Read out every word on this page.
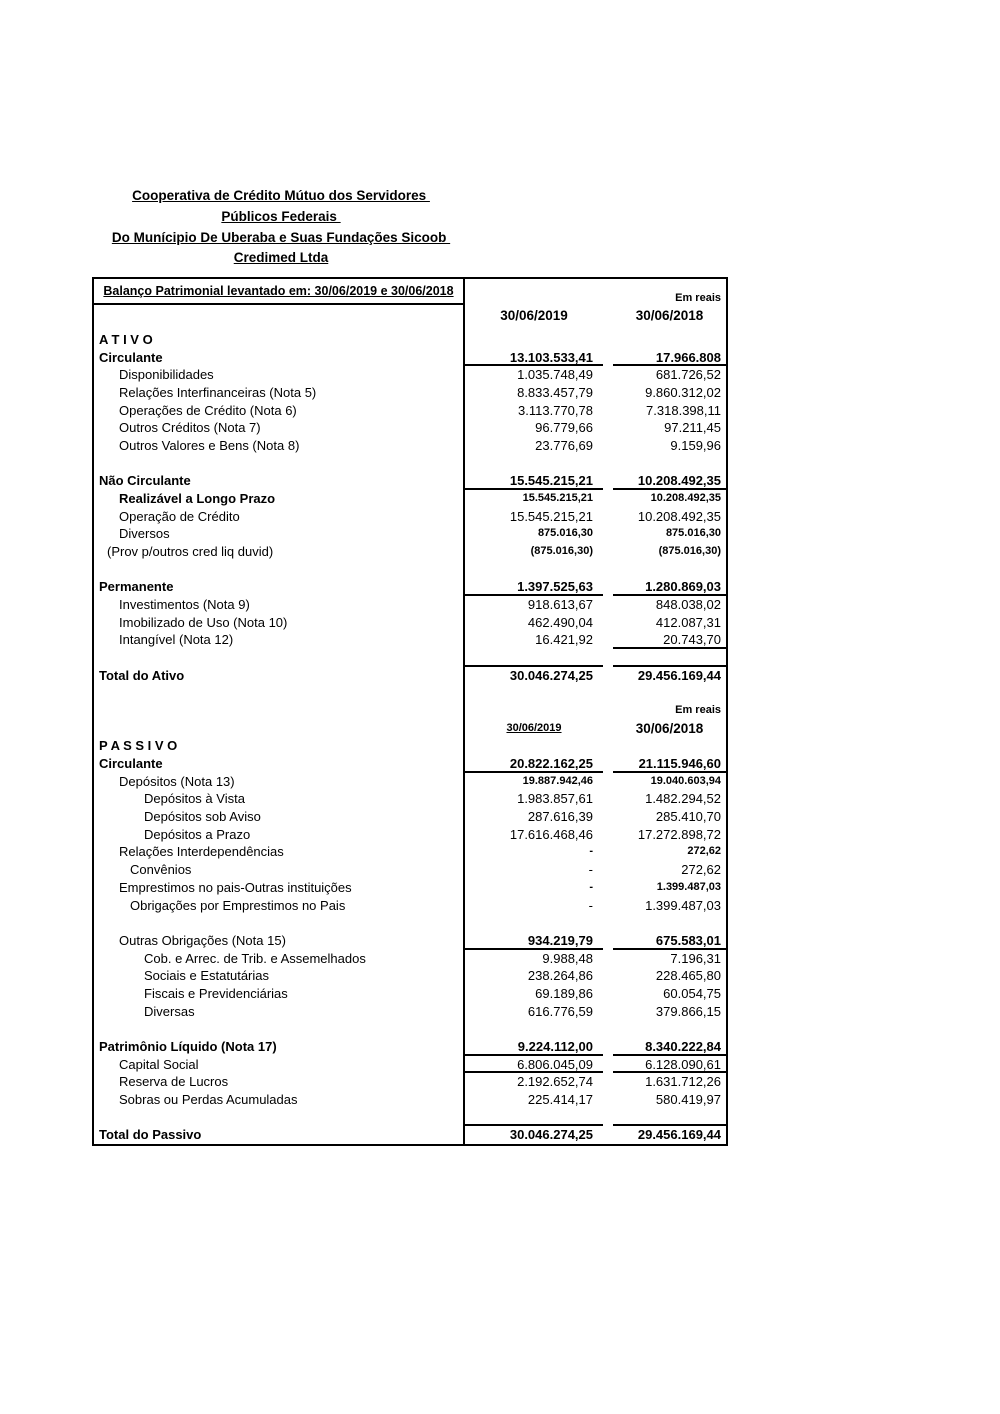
Cooperativa de Crédito Mútuo dos Servidores
Públicos Federais
Do Munícipio De Uberaba e Suas Fundações Sicoob
Credimed Ltda
Balanço Patrimonial levantado em: 30/06/2019 e 30/06/2018	Em reais
30/06/2019	30/06/2018
A T I V O
Circulante	13.103.533,41	17.966.808
Disponibilidades	1.035.748,49	681.726,52
Relações Interfinanceiras (Nota 5)	8.833.457,79	9.860.312,02
Operações de Crédito (Nota 6)	3.113.770,78	7.318.398,11
Outros Créditos (Nota 7)	96.779,66	97.211,45
Outros Valores e Bens (Nota 8)	23.776,69	9.159,96
Não Circulante	15.545.215,21	10.208.492,35
Realizável a Longo Prazo	15.545.215,21	10.208.492,35
Operação de Crédito	15.545.215,21	10.208.492,35
Diversos	875.016,30	875.016,30
(Prov p/outros cred liq duvid)	(875.016,30)	(875.016,30)
Permanente	1.397.525,63	1.280.869,03
Investimentos (Nota 9)	918.613,67	848.038,02
Imobilizado de Uso (Nota 10)	462.490,04	412.087,31
Intangível (Nota 12)	16.421,92	20.743,70
Total do Ativo	30.046.274,25	29.456.169,44
Em reais
30/06/2019	30/06/2018
P A S S I V O
Circulante	20.822.162,25	21.115.946,60
Depósitos (Nota 13)	19.887.942,46	19.040.603,94
Depósitos à Vista	1.983.857,61	1.482.294,52
Depósitos sob Aviso	287.616,39	285.410,70
Depósitos a Prazo	17.616.468,46	17.272.898,72
Relações Interdependências	-	272,62
Convênios	-	272,62
Emprestimos no pais-Outras instituições	-	1.399.487,03
Obrigações por Emprestimos no Pais	-	1.399.487,03
Outras Obrigações (Nota 15)	934.219,79	675.583,01
Cob. e Arrec. de Trib. e Assemelhados	9.988,48	7.196,31
Sociais e Estatutárias	238.264,86	228.465,80
Fiscais e Previdenciárias	69.189,86	60.054,75
Diversas	616.776,59	379.866,15
Patrimônio Líquido (Nota 17)	9.224.112,00	8.340.222,84
Capital Social	6.806.045,09	6.128.090,61
Reserva de Lucros	2.192.652,74	1.631.712,26
Sobras ou Perdas Acumuladas	225.414,17	580.419,97
Total do Passivo	30.046.274,25	29.456.169,44
